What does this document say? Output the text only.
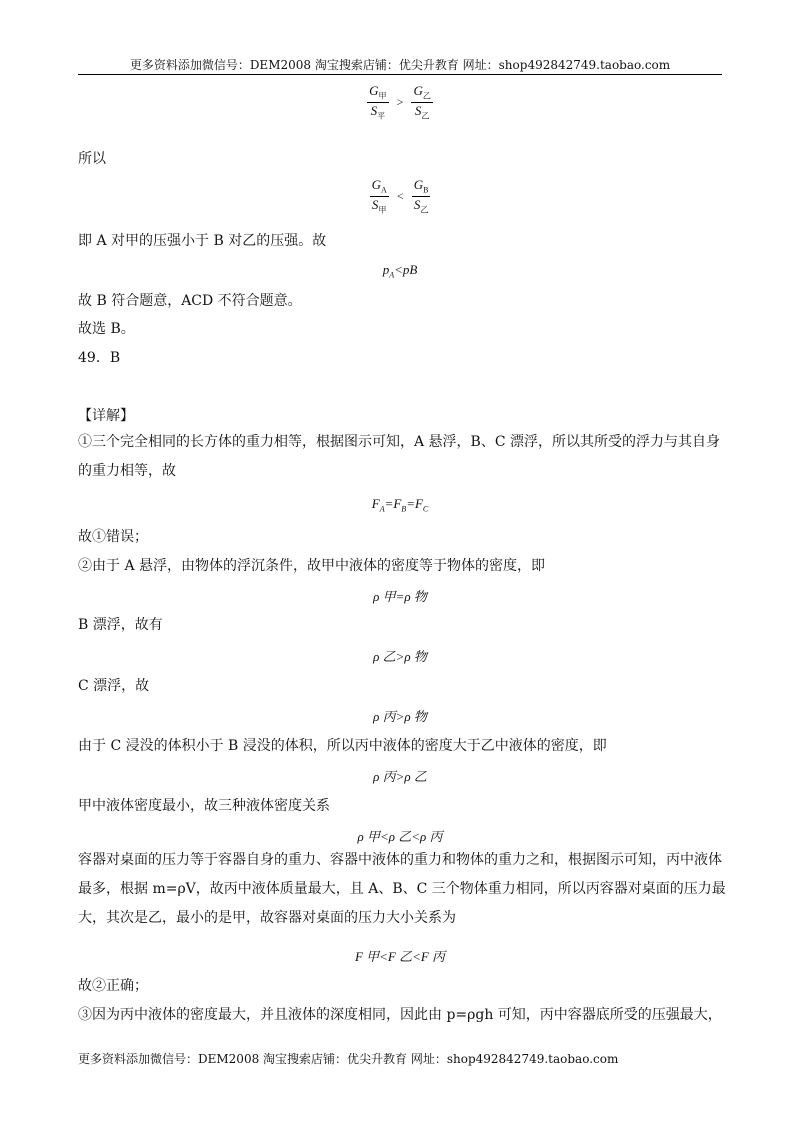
更多资料添加微信号：DEM2008 淘宝搜索店铺：优尖升教育 网址：shop492842749.taobao.com
$\frac{G_甲}{S_平} > \frac{G_乙}{S_乙}$
所以
$\frac{G_A}{S_甲} < \frac{G_B}{S_乙}$
即 A 对甲的压强小于 B 对乙的压强。故
$p_A<pB$
故 B 符合题意，ACD 不符合题意。
故选 B。
49．B
【详解】
①三个完全相同的长方体的重力相等，根据图示可知，A 悬浮，B、C 漂浮，所以其所受的浮力与其自身的重力相等，故
$F_A=F_B=F_C$
故①错误；
②由于 A 悬浮，由物体的浮沉条件，故甲中液体的密度等于物体的密度，即
ρ 甲=ρ 物
B 漂浮，故有
ρ 乙>ρ 物
C 漂浮，故
ρ 丙>ρ 物
由于 C 浸没的体积小于 B 浸没的体积，所以丙中液体的密度大于乙中液体的密度，即
ρ 丙>ρ 乙
甲中液体密度最小，故三种液体密度关系
ρ 甲<ρ 乙<ρ 丙
容器对桌面的压力等于容器自身的重力、容器中液体的重力和物体的重力之和，根据图示可知，丙中液体最多，根据 m=ρV，故丙中液体质量最大，且 A、B、C 三个物体重力相同，所以丙容器对桌面的压力最大，其次是乙，最小的是甲，故容器对桌面的压力大小关系为
F 甲<F 乙<F 丙
故②正确；
③因为丙中液体的密度最大，并且液体的深度相同，因此由 p=ρgh 可知，丙中容器底所受的压强最大，
更多资料添加微信号：DEM2008 淘宝搜索店铺：优尖升教育 网址：shop492842749.taobao.com
